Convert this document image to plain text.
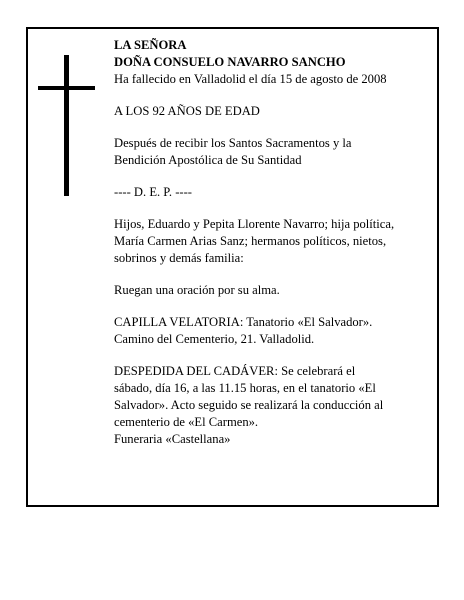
LA SEÑORA

DOÑA CONSUELO NAVARRO SANCHO

Ha fallecido en Valladolid el día 15 de agosto de 2008

A LOS 92 AÑOS DE EDAD

Después de recibir los Santos Sacramentos y la

Bendición Apostólica de Su Santidad

---- D. E. P. ----

Hijos, Eduardo y Pepita Llorente Navarro; hija política,

María Carmen Arias Sanz; hermanos políticos, nietos,

sobrinos y demás familia:

Ruegan una oración por su alma.

CAPILLA VELATORIA: Tanatorio «El Salvador».

Camino del Cementerio, 21. Valladolid.

DESPEDIDA DEL CADÁVER: Se celebrará el

sábado, día 16, a las 11.15 horas, en el tanatorio «El

Salvador». Acto seguido se realizará la conducción al

cementerio de «El Carmen».

Funeraria «Castellana»
